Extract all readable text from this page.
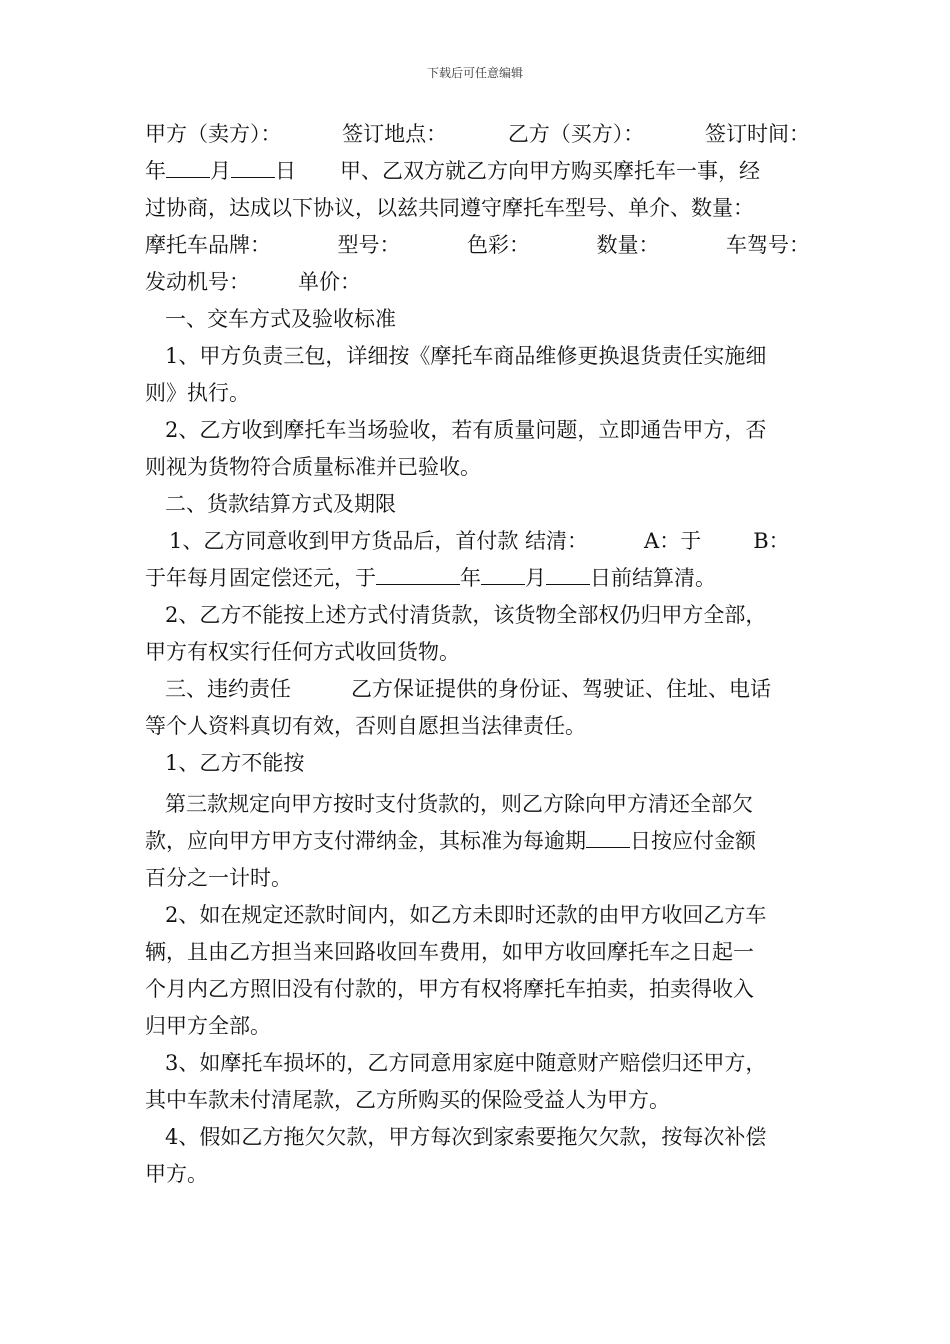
下载后可任意编辑
甲方（卖方）：	签订地点：	乙方（买方）：	签订时间：
年 月 日 甲、乙双方就乙方向甲方购买摩托车一事，经
过协商，达成以下协议，以兹共同遵守摩托车型号、单介、数量：
摩托车品牌：	型号：	色彩：	数量：	车驾号：
发动机号： 单价：
一、交车方式及验收标准
1、甲方负责三包，详细按《摩托车商品维修更换退货责任实施细
则》执行。
2、乙方收到摩托车当场验收，若有质量问题，立即通告甲方，否
则视为货物符合质量标准并已验收。
二、货款结算方式及期限
1、乙方同意收到甲方货品后，首付款 结清：	A：于 B：
于年每月固定偿还元，于	年 月 日前结算清。
2、乙方不能按上述方式付清货款，该货物全部权仍归甲方全部，
甲方有权实行任何方式收回货物。
三、违约责任	乙方保证提供的身份证、驾驶证、住址、电话
等个人资料真切有效，否则自愿担当法律责任。
1、乙方不能按
第三款规定向甲方按时支付货款的，则乙方除向甲方清还全部欠
款，应向甲方甲方支付滞纳金，其标准为每逾期 日按应付金额
百分之一计时。
2、如在规定还款时间内，如乙方未即时还款的由甲方收回乙方车
辆，且由乙方担当来回路收回车费用，如甲方收回摩托车之日起一
个月内乙方照旧没有付款的，甲方有权将摩托车拍卖，拍卖得收入
归甲方全部。
3、如摩托车损坏的，乙方同意用家庭中随意财产赔偿归还甲方，
其中车款未付清尾款，乙方所购买的保险受益人为甲方。
4、假如乙方拖欠欠款，甲方每次到家索要拖欠欠款，按每次补偿
甲方。
